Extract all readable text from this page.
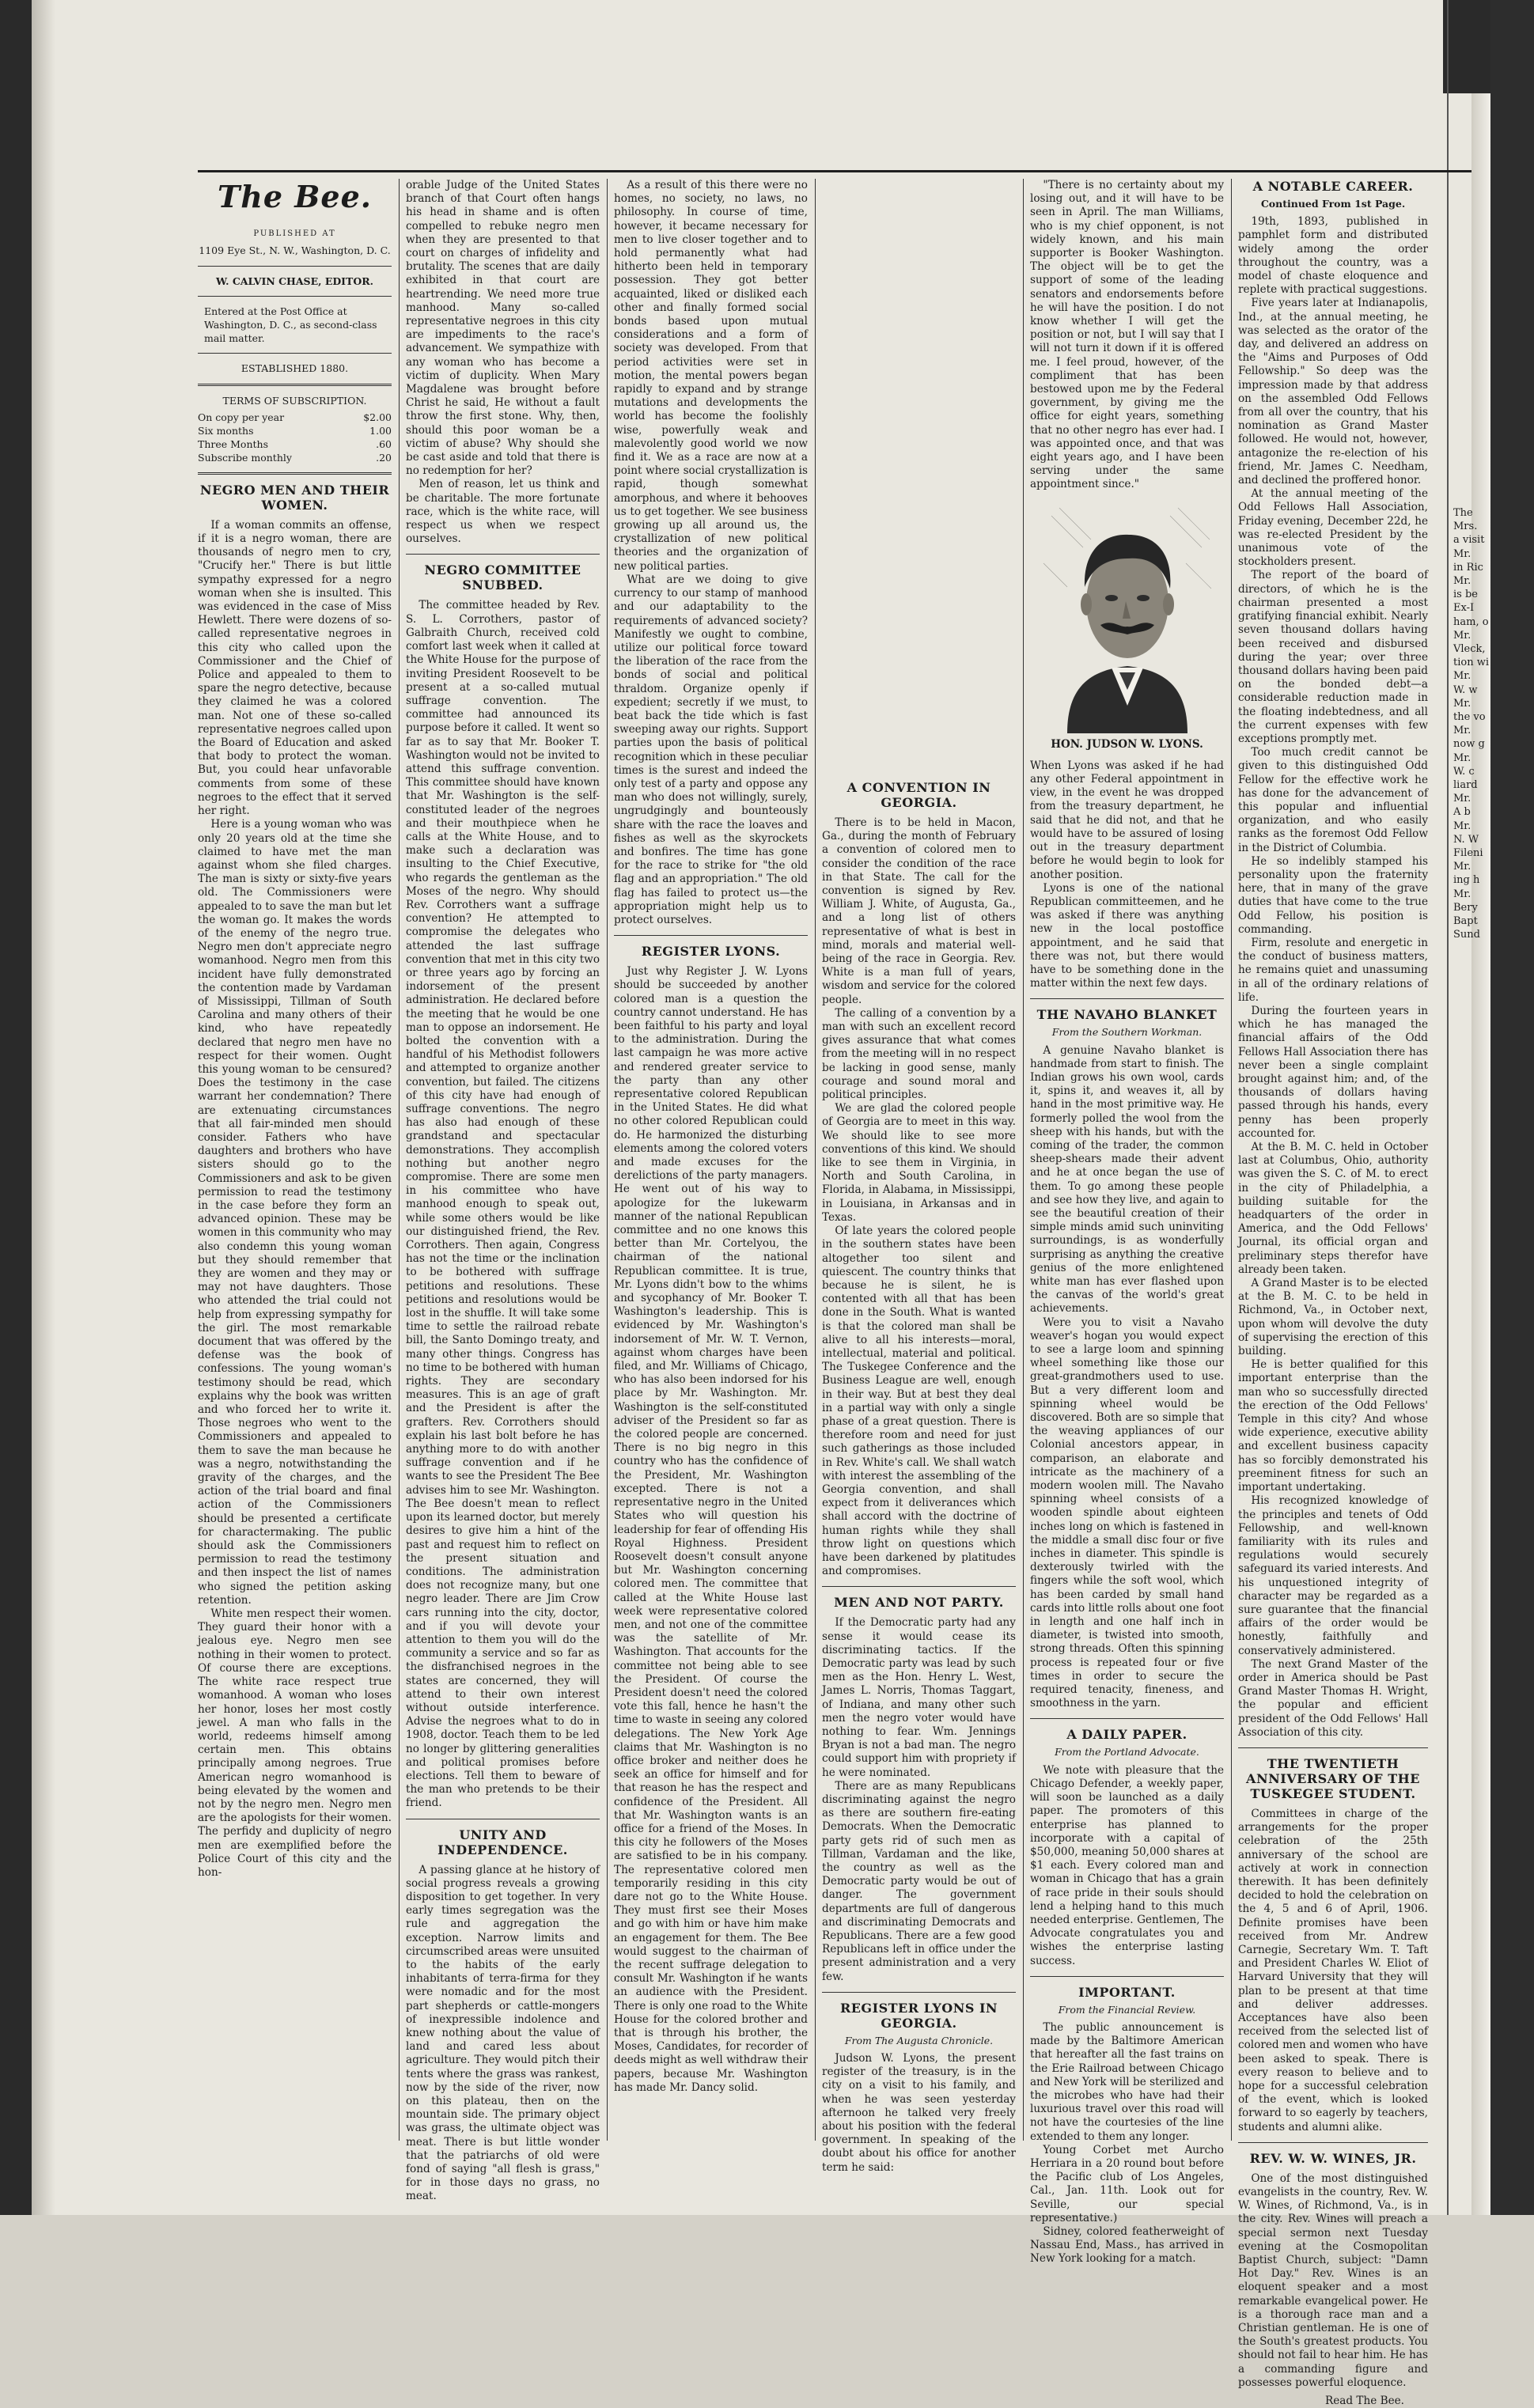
The Bee.
PUBLISHED AT
1109 Eye St., N. W., Washington, D. C.
W. CALVIN CHASE, EDITOR.
Entered at the Post Office at Washington, D. C., as second-class mail matter.
ESTABLISHED 1880.
TERMS OF SUBSCRIPTION.
On copy per year	$2.00
Six months	1.00
Three Months	.60
Subscribe monthly	.20
NEGRO MEN AND THEIR WOMEN.

If a woman commits an offense, if it is a negro woman, there are thousands of negro men to cry, "Crucify her." There is but little sympathy expressed for a negro woman when she is insulted. This was evidenced in the case of Miss Hewlett. There were dozens of so-called representative negroes in this city who called upon the Commissioner and the Chief of Police and appealed to them to spare the negro detective, because they claimed he was a colored man. Not one of these so-called representative negroes called upon the Board of Education and asked that body to protect the woman. But, you could hear unfavorable comments from some of these negroes to the effect that it served her right.

Here is a young woman who was only 20 years old at the time she claimed to have met the man against whom she filed charges. The man is sixty or sixty-five years old. The Commissioners were appealed to to save the man but let the woman go. It makes the words of the enemy of the negro true. Negro men don't appreciate negro womanhood. Negro men from this incident have fully demonstrated the contention made by Vardaman of Mississippi, Tillman of South Carolina and many others of their kind, who have repeatedly declared that negro men have no respect for their women. Ought this young woman to be censured? Does the testimony in the case warrant her condemnation? There are extenuating circumstances that all fair-minded men should consider. Fathers who have daughters and brothers who have sisters should go to the Commissioners and ask to be given permission to read the testimony in the case before they form an advanced opinion. These may be women in this community who may also condemn this young woman but they should remember that they are women and they may or may not have daughters. Those who attended the trial could not help from expressing sympathy for the girl. The most remarkable document that was offered by the defense was the book of confessions. The young woman's testimony should be read, which explains why the book was written and who forced her to write it. Those negroes who went to the Commissioners and appealed to them to save the man because he was a negro, notwithstanding the gravity of the charges, and the action of the trial board and final action of the Commissioners should be presented a certificate for charactermaking. The public should ask the Commissioners permission to read the testimony and then inspect the list of names who signed the petition asking retention.

White men respect their women. They guard their honor with a jealous eye. Negro men see nothing in their women to protect. Of course there are exceptions. The white race respect true womanhood. A woman who loses her honor, loses her most costly jewel. A man who falls in the world, redeems himself among certain men. This obtains principally among negroes. True American negro womanhood is being elevated by the women and not by the negro men. Negro men are the apologists for their women. The perfidy and duplicity of negro men are exemplified before the Police Court of this city and the hon-

orable Judge of the United States branch of that Court often hangs his head in shame and is often compelled to rebuke negro men when they are presented to that court on charges of infidelity and brutality. The scenes that are daily exhibited in that court are heartrending. We need more true manhood. Many so-called representative negroes in this city are impediments to the race's advancement. We sympathize with any woman who has become a victim of duplicity. When Mary Magdalene was brought before Christ he said, He without a fault throw the first stone. Why, then, should this poor woman be a victim of abuse? Why should she be cast aside and told that there is no redemption for her?

Men of reason, let us think and be charitable. The more fortunate race, which is the white race, will respect us when we respect ourselves.

NEGRO COMMITTEE SNUBBED.

The committee headed by Rev. S. L. Corrothers, pastor of Galbraith Church, received cold comfort last week when it called at the White House for the purpose of inviting President Roosevelt to be present at a so-called mutual suffrage convention. The committee had announced its purpose before it called. It went so far as to say that Mr. Booker T. Washington would not be invited to attend this suffrage convention. This committee should have known that Mr. Washington is the self-constituted leader of the negroes and their mouthpiece when he calls at the White House, and to make such a declaration was insulting to the Chief Executive, who regards the gentleman as the Moses of the negro. Why should Rev. Corrothers want a suffrage convention? He attempted to compromise the delegates who attended the last suffrage convention that met in this city two or three years ago by forcing an indorsement of the present administration. He declared before the meeting that he would be one man to oppose an indorsement. He bolted the convention with a handful of his Methodist followers and attempted to organize another convention, but failed. The citizens of this city have had enough of suffrage conventions. The negro has also had enough of these grandstand and spectacular demonstrations. They accomplish nothing but another negro compromise. There are some men in his committee who have manhood enough to speak out, while some others would be like our distinguished friend, the Rev. Corrothers. Then again, Congress has not the time or the inclination to be bothered with suffrage petitions and resolutions. These petitions and resolutions would be lost in the shuffle. It will take some time to settle the railroad rebate bill, the Santo Domingo treaty, and many other things. Congress has no time to be bothered with human rights. They are secondary measures. This is an age of graft and the President is after the grafters. Rev. Corrothers should explain his last bolt before he has anything more to do with another suffrage convention and if he wants to see the President The Bee advises him to see Mr. Washington. The Bee doesn't mean to reflect upon its learned doctor, but merely desires to give him a hint of the past and request him to reflect on the present situation and conditions. The administration does not recognize many, but one negro leader. There are Jim Crow cars running into the city, doctor, and if you will devote your attention to them you will do the community a service and so far as the disfranchised negroes in the states are concerned, they will attend to their own interest without outside interference. Advise the negroes what to do in 1908, doctor. Teach them to be led no longer by glittering generalities and political promises before elections. Tell them to beware of the man who pretends to be their friend.

UNITY AND INDEPENDENCE.

A passing glance at he history of social progress reveals a growing disposition to get together. In very early times segregation was the rule and aggregation the exception. Narrow limits and circumscribed areas were unsuited to the habits of the early inhabitants of terra-firma for they were nomadic and for the most part shepherds or cattle-mongers of inexpressible indolence and knew nothing about the value of land and cared less about agriculture. They would pitch their tents where the grass was rankest, now by the side of the river, now on this plateau, then on the mountain side. The primary object was grass, the ultimate object was meat. There is but little wonder that the patriarchs of old were fond of saying "all flesh is grass," for in those days no grass, no meat.

As a result of this there were no homes, no society, no laws, no philosophy. In course of time, however, it became necessary for men to live closer together and to hold permanently what had hitherto been held in temporary possession. They got better acquainted, liked or disliked each other and finally formed social bonds based upon mutual considerations and a form of society was developed. From that period activities were set in motion, the mental powers began rapidly to expand and by strange mutations and developments the world has become the foolishly wise, powerfully weak and malevolently good world we now find it. We as a race are now at a point where social crystallization is rapid, though somewhat amorphous, and where it behooves us to get together. We see business growing up all around us, the crystallization of new political theories and the organization of new political parties.

What are we doing to give currency to our stamp of manhood and our adaptability to the requirements of advanced society? Manifestly we ought to combine, utilize our political force toward the liberation of the race from the bonds of social and political thraldom. Organize openly if expedient; secretly if we must, to beat back the tide which is fast sweeping away our rights. Support parties upon the basis of political recognition which in these peculiar times is the surest and indeed the only test of a party and oppose any man who does not willingly, surely, ungrudgingly and bounteously share with the race the loaves and fishes as well as the skyrockets and bonfires. The time has gone for the race to strike for "the old flag and an appropriation." The old flag has failed to protect us—the appropriation might help us to protect ourselves.

REGISTER LYONS.

Just why Register J. W. Lyons should be succeeded by another colored man is a question the country cannot understand. He has been faithful to his party and loyal to the administration. During the last campaign he was more active and rendered greater service to the party than any other representative colored Republican in the United States. He did what no other colored Republican could do. He harmonized the disturbing elements among the colored voters and made excuses for the derelictions of the party managers. He went out of his way to apologize for the lukewarm manner of the national Republican committee and no one knows this better than Mr. Cortelyou, the chairman of the national Republican committee. It is true, Mr. Lyons didn't bow to the whims and sycophancy of Mr. Booker T. Washington's leadership. This is evidenced by Mr. Washington's indorsement of Mr. W. T. Vernon, against whom charges have been filed, and Mr. Williams of Chicago, who has also been indorsed for his place by Mr. Washington. Mr. Washington is the self-constituted adviser of the President so far as the colored people are concerned. There is no big negro in this country who has the confidence of the President, Mr. Washington excepted. There is not a representative negro in the United States who will question his leadership for fear of offending His Royal Highness. President Roosevelt doesn't consult anyone but Mr. Washington concerning colored men. The committee that called at the White House last week were representative colored men, and not one of the committee was the satellite of Mr. Washington. That accounts for the committee not being able to see the President. Of course the President doesn't need the colored vote this fall, hence he hasn't the time to waste in seeing any colored delegations. The New York Age claims that Mr. Washington is no office broker and neither does he seek an office for himself and for that reason he has the respect and confidence of the President. All that Mr. Washington wants is an office for a friend of the Moses. In this city he followers of the Moses are satisfied to be in his company. The representative colored men temporarily residing in this city dare not go to the White House. They must first see their Moses and go with him or have him make an engagement for them. The Bee would suggest to the chairman of the recent suffrage delegation to consult Mr. Washington if he wants an audience with the President. There is only one road to the White House for the colored brother and that is through his brother, the Moses, Candidates, for recorder of deeds might as well withdraw their papers, because Mr. Washington has made Mr. Dancy solid.

A CONVENTION IN GEORGIA.

There is to be held in Macon, Ga., during the month of February a convention of colored men to consider the condition of the race in that State. The call for the convention is signed by Rev. William J. White, of Augusta, Ga., and a long list of others representative of what is best in mind, morals and material well-being of the race in Georgia. Rev. White is a man full of years, wisdom and service for the colored people.

The calling of a convention by a man with such an excellent record gives assurance that what comes from the meeting will in no respect be lacking in good sense, manly courage and sound moral and political principles.

We are glad the colored people of Georgia are to meet in this way. We should like to see more conventions of this kind. We should like to see them in Virginia, in North and South Carolina, in Florida, in Alabama, in Mississippi, in Louisiana, in Arkansas and in Texas.

Of late years the colored people in the southern states have been altogether too silent and quiescent. The country thinks that because he is silent, he is contented with all that has been done in the South. What is wanted is that the colored man shall be alive to all his interests—moral, intellectual, material and political. The Tuskegee Conference and the Business League are well, enough in their way. But at best they deal in a partial way with only a single phase of a great question. There is therefore room and need for just such gatherings as those included in Rev. White's call. We shall watch with interest the assembling of the Georgia convention, and shall expect from it deliverances which shall accord with the doctrine of human rights while they shall throw light on questions which have been darkened by platitudes and compromises.

MEN AND NOT PARTY.

If the Democratic party had any sense it would cease its discriminating tactics. If the Democratic party was lead by such men as the Hon. Henry L. West, James L. Norris, Thomas Taggart, of Indiana, and many other such men the negro voter would have nothing to fear. Wm. Jennings Bryan is not a bad man. The negro could support him with propriety if he were nominated.

There are as many Republicans discriminating against the negro as there are southern fire-eating Democrats. When the Democratic party gets rid of such men as Tillman, Vardaman and the like, the country as well as the Democratic party would be out of danger. The government departments are full of dangerous and discriminating Democrats and Republicans. There are a few good Republicans left in office under the present administration and a very few.

REGISTER LYONS IN GEORGIA.
From The Augusta Chronicle.

Judson W. Lyons, the present register of the treasury, is in the city on a visit to his family, and when he was seen yesterday afternoon he talked very freely about his position with the federal government. In speaking of the doubt about his office for another term he said:

"There is no certainty about my losing out, and it will have to be seen in April. The man Williams, who is my chief opponent, is not widely known, and his main supporter is Booker Washington. The object will be to get the support of some of the leading senators and endorsements before he will have the position. I do not know whether I will get the position or not, but I will say that I will not turn it down if it is offered me. I feel proud, however, of the compliment that has been bestowed upon me by the Federal government, by giving me the office for eight years, something that no other negro has ever had. I was appointed once, and that was eight years ago, and I have been serving under the same appointment since."

HON. JUDSON W. LYONS.

When Lyons was asked if he had any other Federal appointment in view, in the event he was dropped from the treasury department, he said that he did not, and that he would have to be assured of losing out in the treasury department before he would begin to look for another position.

Lyons is one of the national Republican committeemen, and he was asked if there was anything new in the local postoffice appointment, and he said that there was not, but there would have to be something done in the matter within the next few days.

THE NAVAHO BLANKET
From the Southern Workman.

A genuine Navaho blanket is handmade from start to finish. The Indian grows his own wool, cards it, spins it, and weaves it, all by hand in the most primitive way. He formerly polled the wool from the sheep with his hands, but with the coming of the trader, the common sheep-shears made their advent and he at once began the use of them. To go among these people and see how they live, and again to see the beautiful creation of their simple minds amid such uninviting surroundings, is as wonderfully surprising as anything the creative genius of the more enlightened white man has ever flashed upon the canvas of the world's great achievements.

Were you to visit a Navaho weaver's hogan you would expect to see a large loom and spinning wheel something like those our great-grandmothers used to use. But a very different loom and spinning wheel would be discovered. Both are so simple that the weaving appliances of our Colonial ancestors appear, in comparison, an elaborate and intricate as the machinery of a modern woolen mill. The Navaho spinning wheel consists of a wooden spindle about eighteen inches long on which is fastened in the middle a small disc four or five inches in diameter. This spindle is dexterously twirled with the fingers while the soft wool, which has been carded by small hand cards into little rolls about one foot in length and one half inch in diameter, is twisted into smooth, strong threads. Often this spinning process is repeated four or five times in order to secure the required tenacity, fineness, and smoothness in the yarn.

A DAILY PAPER.
From the Portland Advocate.

We note with pleasure that the Chicago Defender, a weekly paper, will soon be launched as a daily paper. The promoters of this enterprise has planned to incorporate with a capital of $50,000, meaning 50,000 shares at $1 each. Every colored man and woman in Chicago that has a grain of race pride in their souls should lend a helping hand to this much needed enterprise. Gentlemen, The Advocate congratulates you and wishes the enterprise lasting success.

IMPORTANT.
From the Financial Review.

The public announcement is made by the Baltimore American that hereafter all the fast trains on the Erie Railroad between Chicago and New York will be sterilized and the microbes who have had their luxurious travel over this road will not have the courtesies of the line extended to them any longer.

Young Corbet met Aurcho Herriara in a 20 round bout before the Pacific club of Los Angeles, Cal., Jan. 11th. Look out for Seville, our special representative.)

Sidney, colored featherweight of Nassau End, Mass., has arrived in New York looking for a match.

A NOTABLE CAREER.
Continued From 1st Page.

19th, 1893, published in pamphlet form and distributed widely among the order throughout the country, was a model of chaste eloquence and replete with practical suggestions.

Five years later at Indianapolis, Ind., at the annual meeting, he was selected as the orator of the day, and delivered an address on the "Aims and Purposes of Odd Fellowship." So deep was the impression made by that address on the assembled Odd Fellows from all over the country, that his nomination as Grand Master followed. He would not, however, antagonize the re-election of his friend, Mr. James C. Needham, and declined the proffered honor.

At the annual meeting of the Odd Fellows Hall Association, Friday evening, December 22d, he was re-elected President by the unanimous vote of the stockholders present.

The report of the board of directors, of which he is the chairman presented a most gratifying financial exhibit. Nearly seven thousand dollars having been received and disbursed during the year; over three thousand dollars having been paid on the bonded debt—a considerable reduction made in the floating indebtedness, and all the current expenses with few exceptions promptly met.

Too much credit cannot be given to this distinguished Odd Fellow for the effective work he has done for the advancement of this popular and influential organization, and who easily ranks as the foremost Odd Fellow in the District of Columbia.

He so indelibly stamped his personality upon the fraternity here, that in many of the grave duties that have come to the true Odd Fellow, his position is commanding.

Firm, resolute and energetic in the conduct of business matters, he remains quiet and unassuming in all of the ordinary relations of life.

During the fourteen years in which he has managed the financial affairs of the Odd Fellows Hall Association there has never been a single complaint brought against him; and, of the thousands of dollars having passed through his hands, every penny has been properly accounted for.

At the B. M. C. held in October last at Columbus, Ohio, authority was given the S. C. of M. to erect in the city of Philadelphia, a building suitable for the headquarters of the order in America, and the Odd Fellows' Journal, its official organ and preliminary steps therefor have already been taken.

A Grand Master is to be elected at the B. M. C. to be held in Richmond, Va., in October next, upon whom will devolve the duty of supervising the erection of this building.

He is better qualified for this important enterprise than the man who so successfully directed the erection of the Odd Fellows' Temple in this city? And whose wide experience, executive ability and excellent business capacity has so forcibly demonstrated his preeminent fitness for such an important undertaking.

His recognized knowledge of the principles and tenets of Odd Fellowship, and well-known familiarity with its rules and regulations would securely safeguard its varied interests. And his unquestioned integrity of character may be regarded as a sure guarantee that the financial affairs of the order would be honestly, faithfully and conservatively administered.

The next Grand Master of the order in America should be Past Grand Master Thomas H. Wright, the popular and efficient president of the Odd Fellows' Hall Association of this city.

THE TWENTIETH ANNIVERSARY OF THE TUSKEGEE STUDENT.

Committees in charge of the arrangements for the proper celebration of the 25th anniversary of the school are actively at work in connection therewith. It has been definitely decided to hold the celebration on the 4, 5 and 6 of April, 1906. Definite promises have been received from Mr. Andrew Carnegie, Secretary Wm. T. Taft and President Charles W. Eliot of Harvard University that they will plan to be present at that time and deliver addresses. Acceptances have also been received from the selected list of colored men and women who have been asked to speak. There is every reason to believe and to hope for a successful celebration of the event, which is looked forward to so eagerly by teachers, students and alumni alike.

REV. W. W. WINES, JR.

One of the most distinguished evangelists in the country, Rev. W. W. Wines, of Richmond, Va., is in the city. Rev. Wines will preach a special sermon next Tuesday evening at the Cosmopolitan Baptist Church, subject: "Damn Hot Day." Rev. Wines is an eloquent speaker and a most remarkable evangelical power. He is a thorough race man and a Christian gentleman. He is one of the South's greatest products. You should not fail to hear him. He has a commanding figure and possesses powerful eloquence.

Read The Bee.
The
Mrs.
a visit
Mr.
in Ric
Mr.
is be
Ex-I
ham, o
Mr.
Vleck,
tion wi
Mr.
W. w
Mr.
the vo
Mr.
now g
Mr.
W. c
liard
Mr.
A b
Mr.
N. W
Fileni
Mr.
ing h
Mr.
Bery
Bapt
Sund
